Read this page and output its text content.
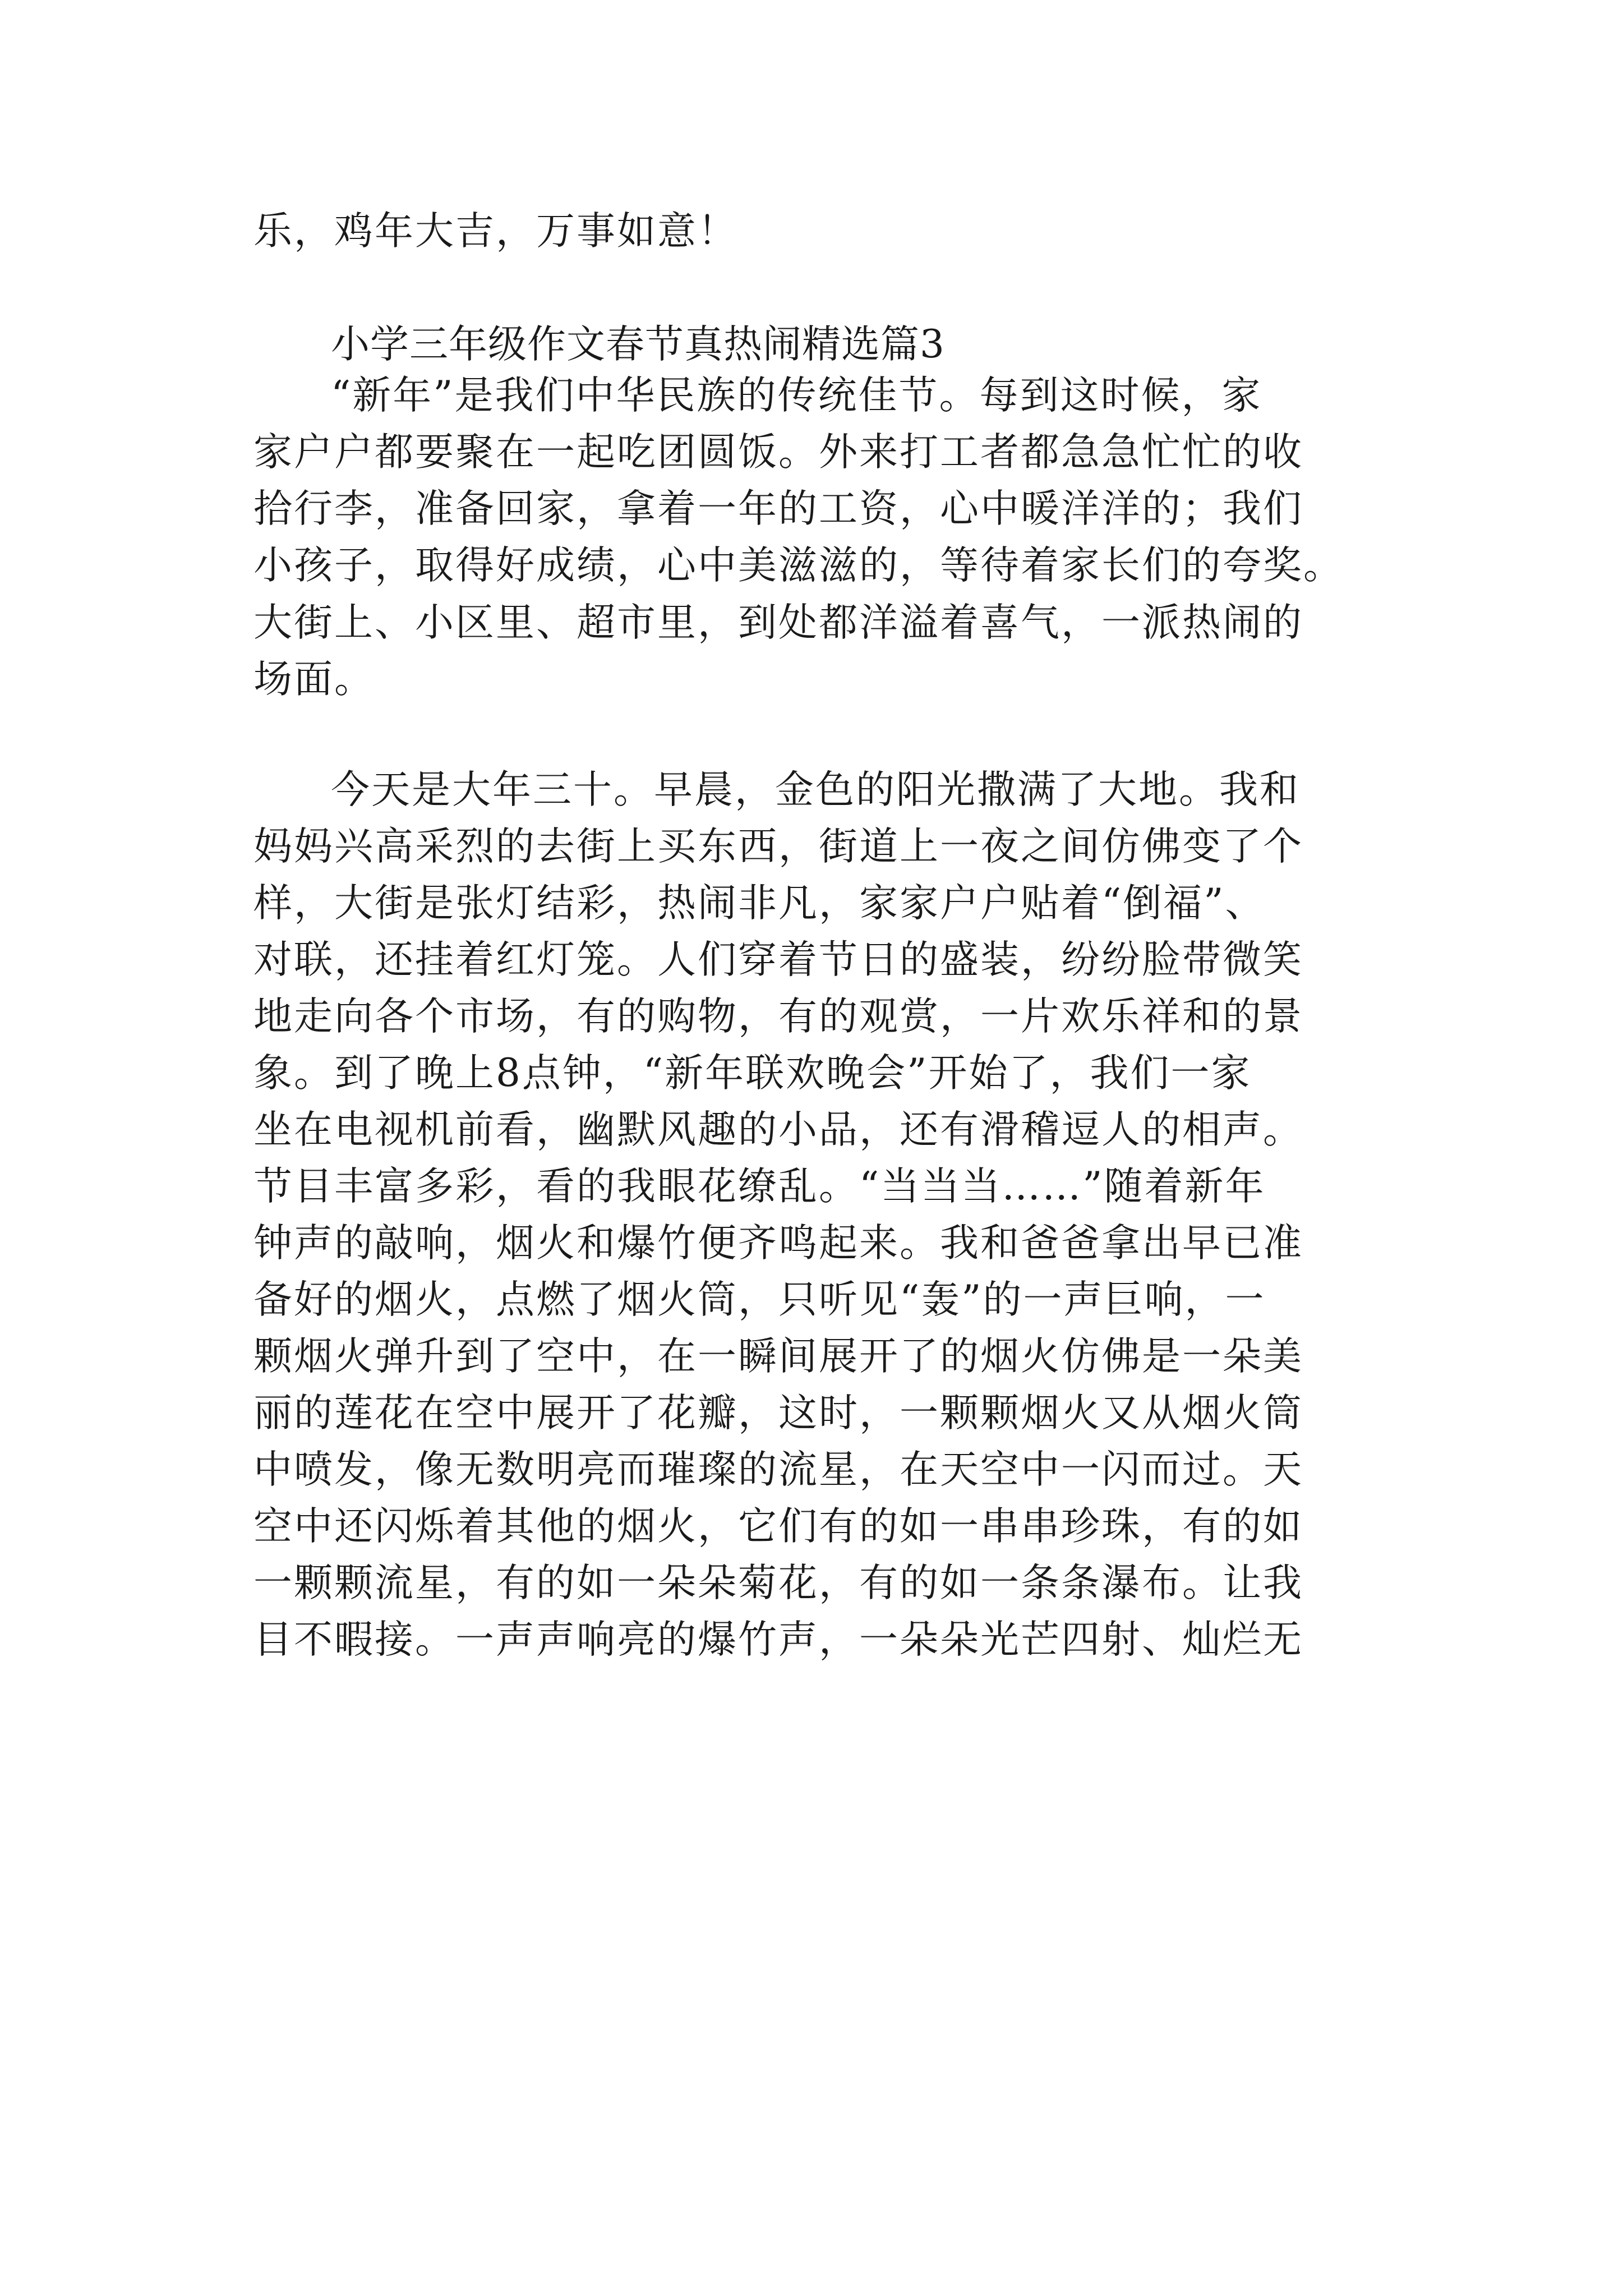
乐，鸡年大吉，万事如意！

小学三年级作文春节真热闹精选篇3

“新年”是我们中华民族的传统佳节。每到这时候，家

家户户都要聚在一起吃团圆饭。外来打工者都急急忙忙的收

拾行李，准备回家，拿着一年的工资，心中暖洋洋的；我们

小孩子，取得好成绩，心中美滋滋的，等待着家长们的夸奖。

大街上、小区里、超市里，到处都洋溢着喜气，一派热闹的

场面。

今天是大年三十。早晨，金色的阳光撒满了大地。我和

妈妈兴高采烈的去街上买东西，街道上一夜之间仿佛变了个

样，大街是张灯结彩，热闹非凡，家家户户贴着“倒福”、

对联，还挂着红灯笼。人们穿着节日的盛装，纷纷脸带微笑

地走向各个市场，有的购物，有的观赏，一片欢乐祥和的景

象。到了晚上8点钟，“新年联欢晚会”开始了，我们一家

坐在电视机前看，幽默风趣的小品，还有滑稽逗人的相声。

节目丰富多彩，看的我眼花缭乱。“当当当……”随着新年

钟声的敲响，烟火和爆竹便齐鸣起来。我和爸爸拿出早已准

备好的烟火，点燃了烟火筒，只听见“轰”的一声巨响，一

颗烟火弹升到了空中，在一瞬间展开了的烟火仿佛是一朵美

丽的莲花在空中展开了花瓣，这时，一颗颗烟火又从烟火筒

中喷发，像无数明亮而璀璨的流星，在天空中一闪而过。天

空中还闪烁着其他的烟火，它们有的如一串串珍珠，有的如

一颗颗流星，有的如一朵朵菊花，有的如一条条瀑布。让我

目不暇接。一声声响亮的爆竹声，一朵朵光芒四射、灿烂无
